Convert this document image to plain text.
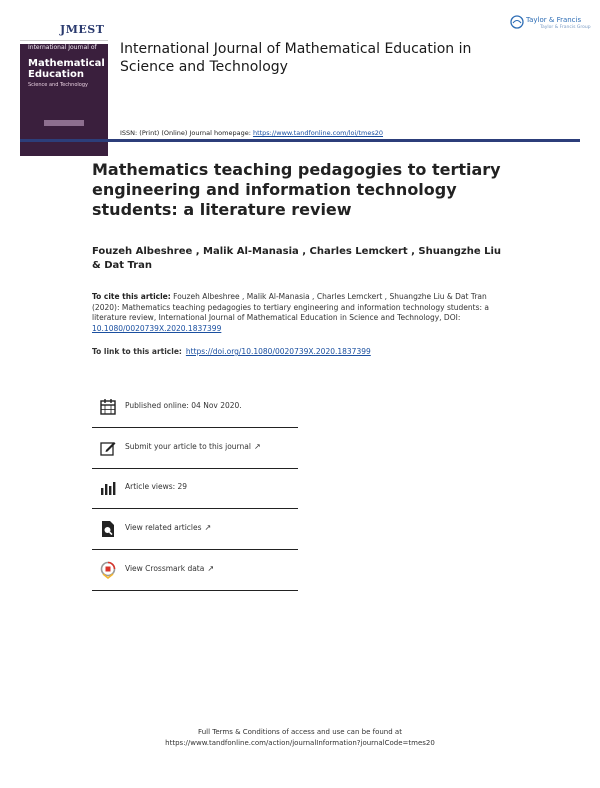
JMEST
International Journal of
Mathematical Education
Science and Technology
International Journal of Mathematical Education in Science and Technology
ISSN: (Print) (Online) Journal homepage: https://www.tandfonline.com/loi/tmes20
Taylor & Francis
Taylor & Francis Group
Mathematics teaching pedagogies to tertiary engineering and information technology students: a literature review
Fouzeh Albeshree , Malik Al-Manasia , Charles Lemckert , Shuangzhe Liu & Dat Tran
To cite this article: Fouzeh Albeshree , Malik Al-Manasia , Charles Lemckert , Shuangzhe Liu & Dat Tran (2020): Mathematics teaching pedagogies to tertiary engineering and information technology students: a literature review, International Journal of Mathematical Education in Science and Technology, DOI: 10.1080/0020739X.2020.1837399
To link to this article: https://doi.org/10.1080/0020739X.2020.1837399
Published online: 04 Nov 2020.
Submit your article to this journal ↗
Article views: 29
View related articles ↗
View Crossmark data ↗
Full Terms & Conditions of access and use can be found at
https://www.tandfonline.com/action/journalInformation?journalCode=tmes20
